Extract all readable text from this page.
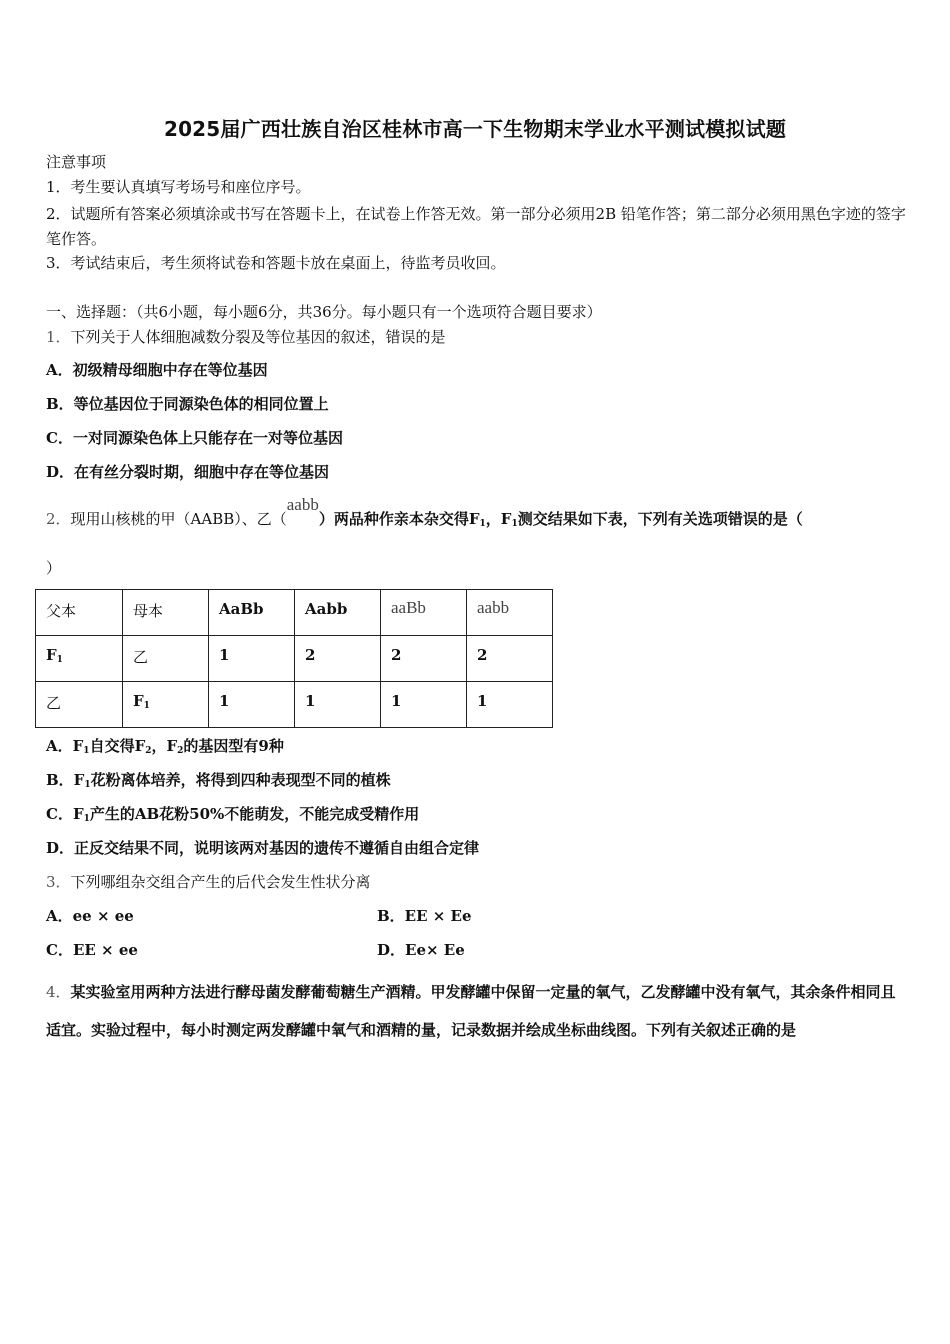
2025届广西壮族自治区桂林市高一下生物期末学业水平测试模拟试题
注意事项
1．考生要认真填写考场号和座位序号。
2．试题所有答案必须填涂或书写在答题卡上，在试卷上作答无效。第一部分必须用2B 铅笔作答；第二部分必须用黑色字迹的签字笔作答。
3．考试结束后，考生须将试卷和答题卡放在桌面上，待监考员收回。
一、选择题：（共6小题，每小题6分，共36分。每小题只有一个选项符合题目要求）
1．下列关于人体细胞减数分裂及等位基因的叙述，错误的是
A．初级精母细胞中存在等位基因
B．等位基因位于同源染色体的相同位置上
C．一对同源染色体上只能存在一对等位基因
D．在有丝分裂时期，细胞中存在等位基因
2．现用山核桃的甲（AABB）、乙（aabb）两品种作亲本杂交得$F_1$，$F_1$测交结果如下表，下列有关选项错误的是（
）
父本	母本	AaBb	Aabb	aaBb	aabb
$F_1$	乙	1	2	2	2
乙	$F_1$	1	1	1	1
A．$F_1$自交得$F_2$，$F_2$的基因型有9种
B．$F_1$花粉离体培养，将得到四种表现型不同的植株
C．$F_1$产生的AB花粉50%不能萌发，不能完成受精作用
D．正反交结果不同，说明该两对基因的遗传不遵循自由组合定律
3．下列哪组杂交组合产生的后代会发生性状分离
A．ee × ee	B．EE × Ee
C．EE × ee	D．Ee× Ee
4．某实验室用两种方法进行酵母菌发酵葡萄糖生产酒精。甲发酵罐中保留一定量的氧气，乙发酵罐中没有氧气，其余条件相同且适宜。实验过程中，每小时测定两发酵罐中氧气和酒精的量，记录数据并绘成坐标曲线图。下列有关叙述正确的是
